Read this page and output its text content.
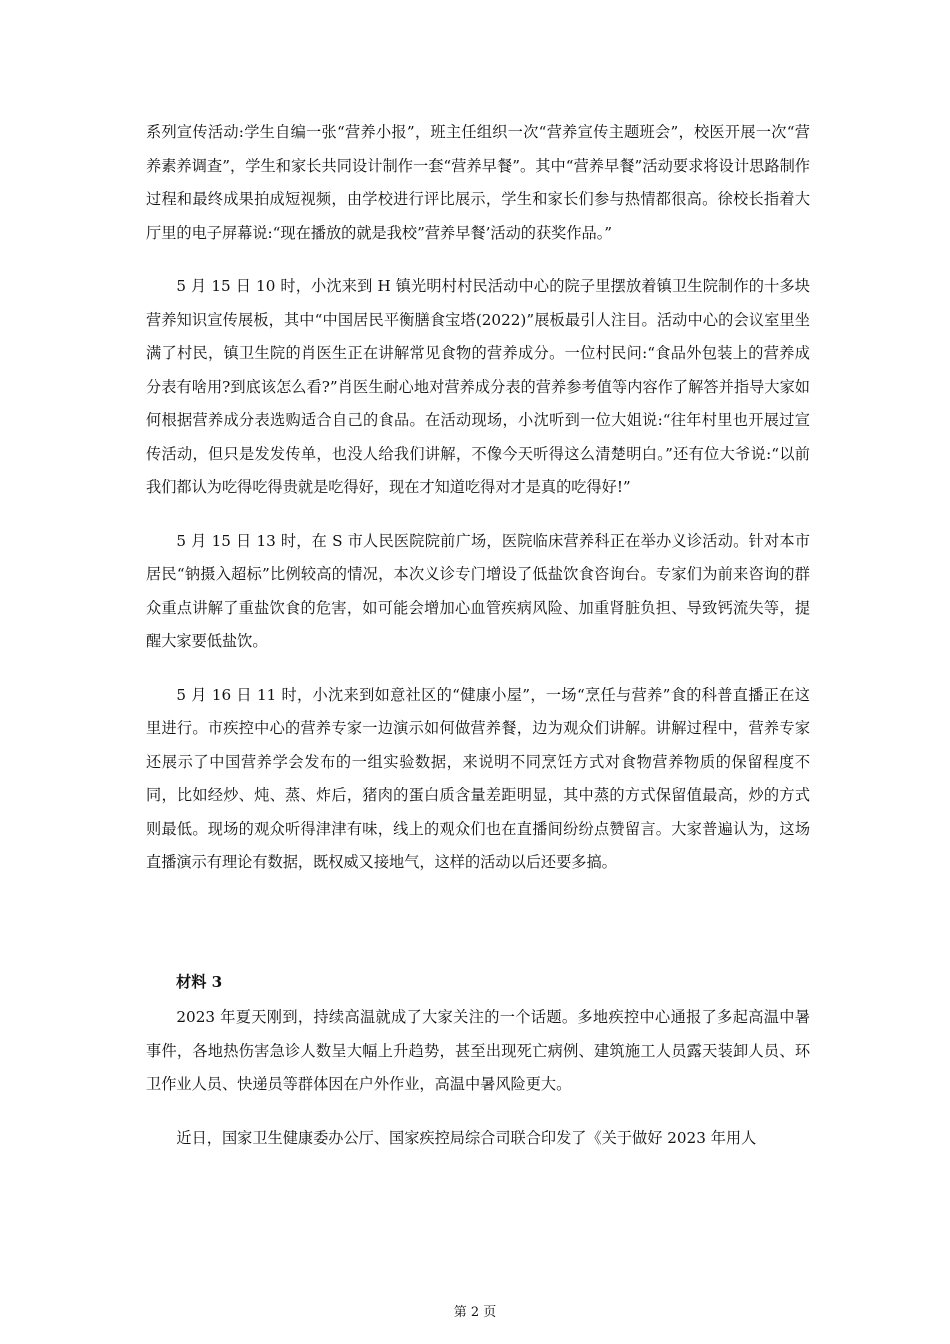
系列宣传活动:学生自编一张“营养小报”，班主任组织一次“营养宣传主题班会”，校医开展一次“营养素养调查”，学生和家长共同设计制作一套“营养早餐”。其中“营养早餐”活动要求将设计思路制作过程和最终成果拍成短视频，由学校进行评比展示，学生和家长们参与热情都很高。徐校长指着大厅里的电子屏幕说:“现在播放的就是我校”营养早餐’活动的获奖作品。”

5 月 15 日 10 时，小沈来到 H 镇光明村村民活动中心的院子里摆放着镇卫生院制作的十多块营养知识宣传展板，其中“中国居民平衡膳食宝塔(2022)”展板最引人注目。活动中心的会议室里坐满了村民，镇卫生院的肖医生正在讲解常见食物的营养成分。一位村民问:“食品外包装上的营养成分表有啥用?到底该怎么看?”肖医生耐心地对营养成分表的营养参考值等内容作了解答并指导大家如何根据营养成分表选购适合自己的食品。在活动现场，小沈听到一位大姐说:“往年村里也开展过宣传活动，但只是发发传单，也没人给我们讲解，不像今天听得这么清楚明白。”还有位大爷说:“以前我们都认为吃得吃得贵就是吃得好，现在才知道吃得对才是真的吃得好!”

5 月 15 日 13 时，在 S 市人民医院院前广场，医院临床营养科正在举办义诊活动。针对本市居民“钠摄入超标”比例较高的情况，本次义诊专门增设了低盐饮食咨询台。专家们为前来咨询的群众重点讲解了重盐饮食的危害，如可能会增加心血管疾病风险、加重肾脏负担、导致钙流失等，提醒大家要低盐饮。

5 月 16 日 11 时，小沈来到如意社区的“健康小屋”，一场“烹任与营养”食的科普直播正在这里进行。市疾控中心的营养专家一边演示如何做营养餐，边为观众们讲解。讲解过程中，营养专家还展示了中国营养学会发布的一组实验数据，来说明不同烹饪方式对食物营养物质的保留程度不同，比如经炒、炖、蒸、炸后，猪肉的蛋白质含量差距明显，其中蒸的方式保留值最高，炒的方式则最低。现场的观众听得津津有味，线上的观众们也在直播间纷纷点赞留言。大家普遍认为，这场直播演示有理论有数据，既权威又接地气，这样的活动以后还要多搞。

材料 3

2023 年夏天刚到，持续高温就成了大家关注的一个话题。多地疾控中心通报了多起高温中暑事件，各地热伤害急诊人数呈大幅上升趋势，甚至出现死亡病例、建筑施工人员露天装卸人员、环卫作业人员、快递员等群体因在户外作业，高温中暑风险更大。

近日，国家卫生健康委办公厅、国家疾控局综合司联合印发了《关于做好 2023 年用人

第 2 页
